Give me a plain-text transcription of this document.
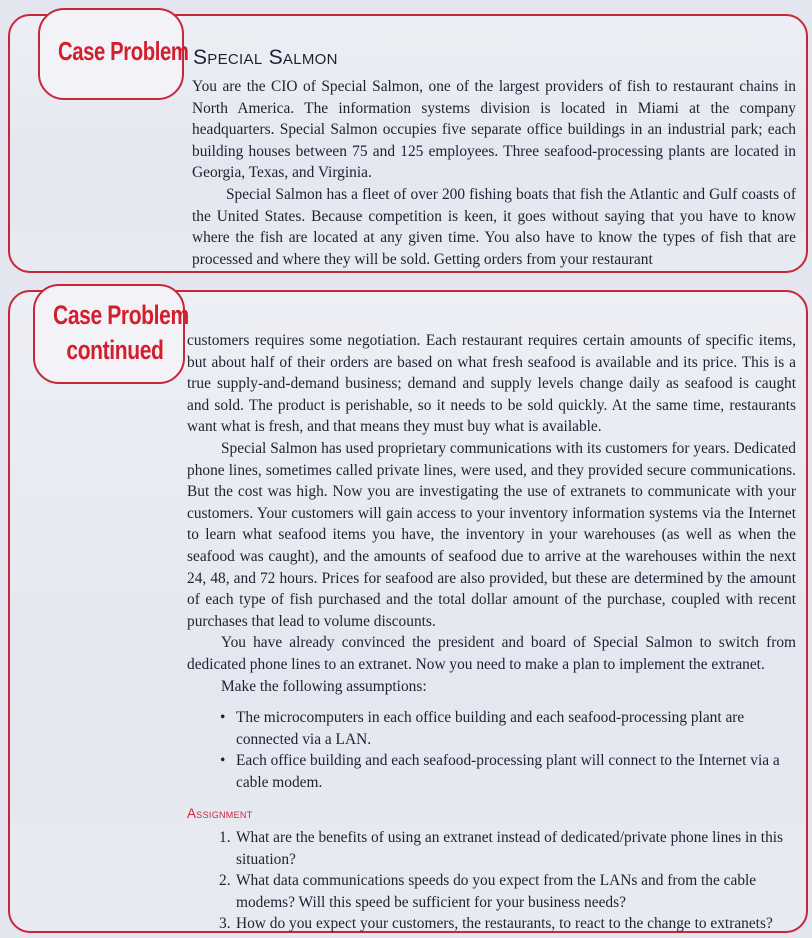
Case Problem
Case Problem
continued
Special Salmon

You are the CIO of Special Salmon, one of the largest providers of fish to restaurant chains in North America. The information systems division is located in Miami at the company headquarters. Special Salmon occupies five separate office buildings in an industrial park; each building houses between 75 and 125 employees. Three seafood-processing plants are located in Georgia, Texas, and Virginia.

Special Salmon has a fleet of over 200 fishing boats that fish the Atlantic and Gulf coasts of the United States. Because competition is keen, it goes without saying that you have to know where the fish are located at any given time. You also have to know the types of fish that are processed and where they will be sold. Getting orders from your restaurant

customers requires some negotiation. Each restaurant requires certain amounts of specific items, but about half of their orders are based on what fresh seafood is available and its price. This is a true supply-and-demand business; demand and supply levels change daily as seafood is caught and sold. The product is perishable, so it needs to be sold quickly. At the same time, restaurants want what is fresh, and that means they must buy what is available.

Special Salmon has used proprietary communications with its customers for years. Dedicated phone lines, sometimes called private lines, were used, and they provided secure communications. But the cost was high. Now you are investigating the use of extranets to communicate with your customers. Your customers will gain access to your inventory information systems via the Internet to learn what seafood items you have, the inventory in your warehouses (as well as when the seafood was caught), and the amounts of seafood due to arrive at the warehouses within the next 24, 48, and 72 hours. Prices for seafood are also provided, but these are determined by the amount of each type of fish purchased and the total dollar amount of the purchase, coupled with recent purchases that lead to volume discounts.

You have already convinced the president and board of Special Salmon to switch from dedicated phone lines to an extranet. Now you need to make a plan to implement the extranet.

Make the following assumptions:

• The microcomputers in each office building and each seafood-processing plant are connected via a LAN.
• Each office building and each seafood-processing plant will connect to the Internet via a cable modem.
Assignment
1. What are the benefits of using an extranet instead of dedicated/private phone lines in this situation?
2. What data communications speeds do you expect from the LANs and from the cable modems? Will this speed be sufficient for your business needs?
3. How do you expect your customers, the restaurants, to react to the change to extranets?
